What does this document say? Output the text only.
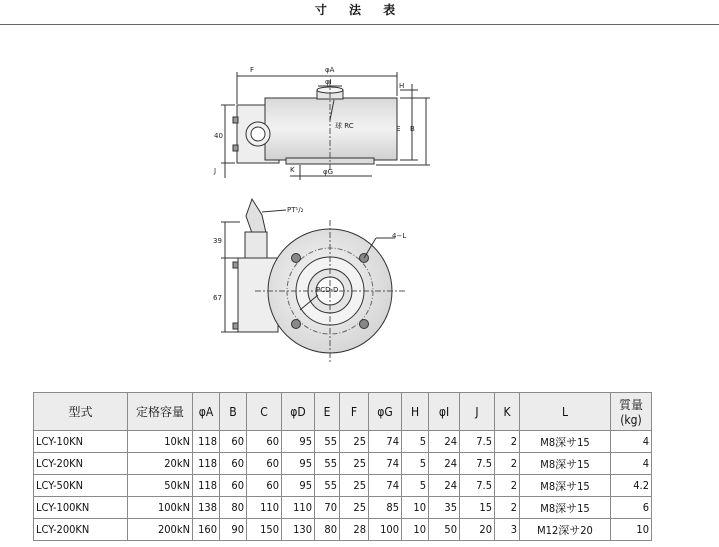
寸 法 表
F	φA
φI	H
E B
40
J	K	φG
球 RC
PT¹/₂
4−L
39
67
PCD-D
型式	定格容量	φA	B	C	φD	E	F	φG	H	φI	J	K	L	質量
(kg)
LCY-10KN	10kN	118	60	60	95	55	25	74	5	24	7.5	2	M8深サ15	4
LCY-20KN	20kN	118	60	60	95	55	25	74	5	24	7.5	2	M8深サ15	4
LCY-50KN	50kN	118	60	60	95	55	25	74	5	24	7.5	2	M8深サ15	4.2
LCY-100KN	100kN	138	80	110	110	70	25	85	10	35	15	2	M8深サ15	6
LCY-200KN	200kN	160	90	150	130	80	28	100	10	50	20	3	M12深サ20	10
